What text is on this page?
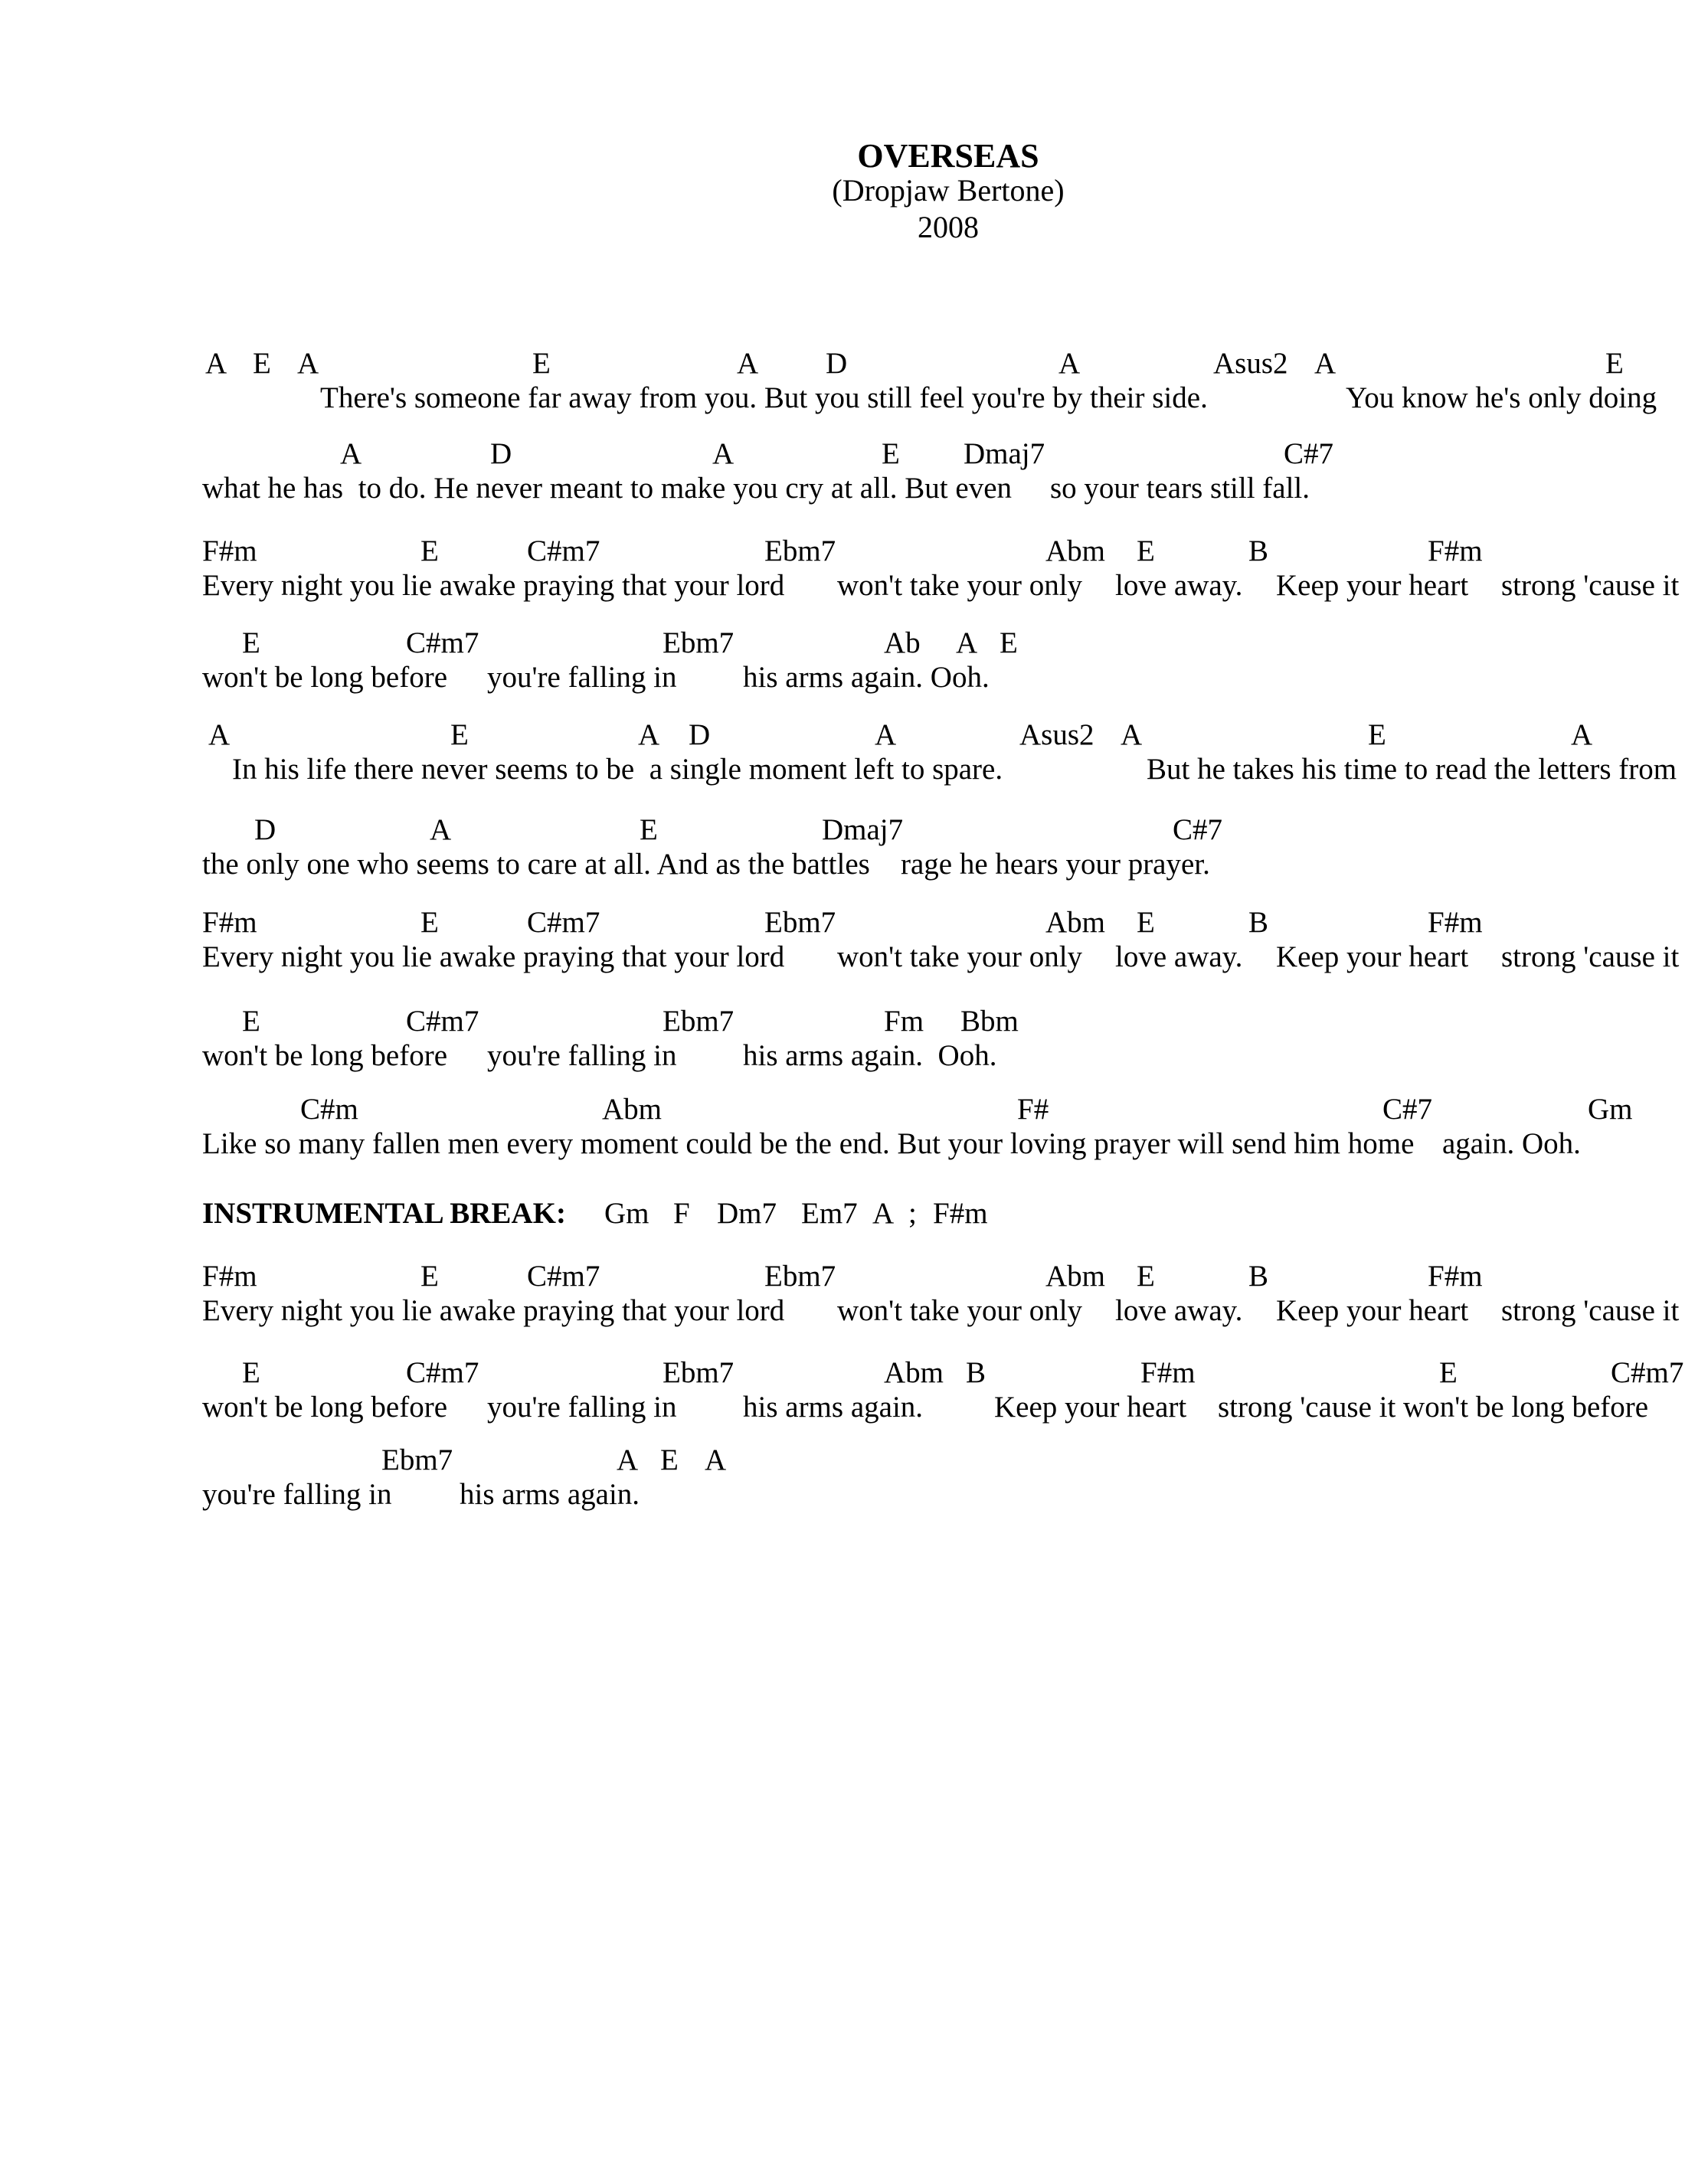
OVERSEAS
(Dropjaw Bertone)
2008
A E A	E	A D	A	Asus2 A	E
There's someone far away from you. But you still feel you're by their side.	You know he's only doing
A	D	A	E Dmaj7	C#7
what he has  to do. He never meant to make you cry at all. But even so your tears still fall.
F#m	E	C#m7	Ebm7	Abm E	B	F#m
Every night you lie awake praying that your lord won't take your only love away. Keep your heart strong 'cause it
E	C#m7	Ebm7	Ab A E
won't be long before you're falling in his arms again. Ooh.
A	E	A D	A	Asus2 A	E	A
In his life there never seems to be  a single moment left to spare.	But he takes his time to read the letters from
D	A	E	Dmaj7	C#7
the only one who seems to care at all. And as the battles rage he hears your prayer.
F#m	E	C#m7	Ebm7	Abm E	B	F#m
Every night you lie awake praying that your lord won't take your only love away. Keep your heart strong 'cause it
E	C#m7	Ebm7	Fm Bbm
won't be long before you're falling in his arms again.  Ooh.
C#m	Abm	F#	C#7	Gm
Like so many fallen men every moment could be the end. But your loving prayer will send him home again. Ooh.
INSTRUMENTAL BREAK: Gm F Dm7 Em7 A ; F#m
F#m	E	C#m7	Ebm7	Abm E	B	F#m
Every night you lie awake praying that your lord won't take your only love away. Keep your heart strong 'cause it
E	C#m7	Ebm7	Abm B	F#m	E	C#m7
won't be long before you're falling in his arms again. Keep your heart strong 'cause it won't be long before
Ebm7	A E A
you're falling in his arms again.
